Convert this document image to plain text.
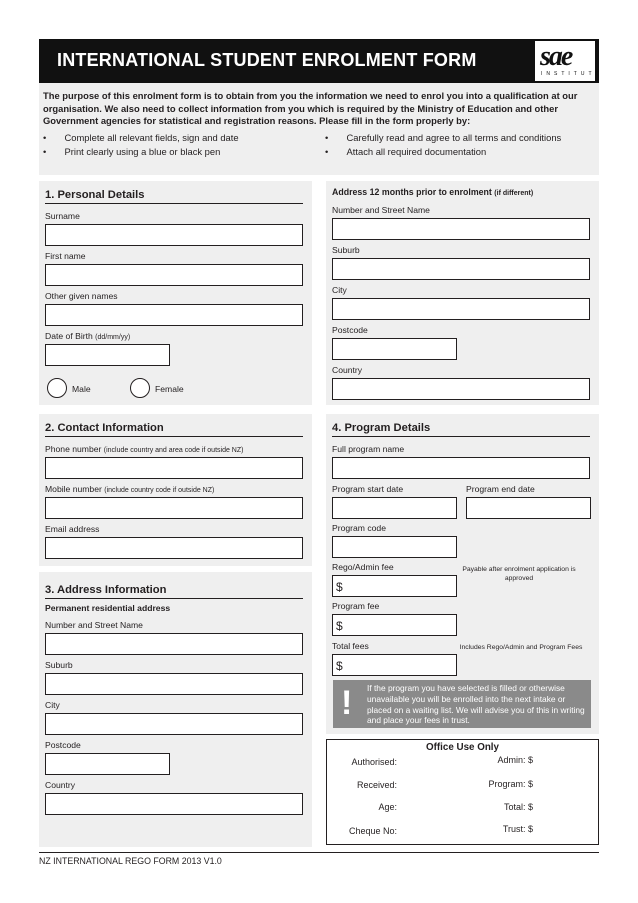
INTERNATIONAL STUDENT ENROLMENT FORM sae
INSTITUTE
The purpose of this enrolment form is to obtain from you the information we need to enrol you into a qualification at our organisation. We also need to collect information from you which is required by the Ministry of Education and other Government agencies for statistical and registration reasons. Please fill in the form properly by:
•       Complete all relevant fields, sign and date
•       Print clearly using a blue or black pen
•       Carefully read and agree to all terms and conditions
•       Attach all required documentation
1. Personal Details
Surname
First name
Other given names
Date of Birth (dd/mm/yy)
Male	Female
Address 12 months prior to enrolment (if different)
Number and Street Name
Suburb
City
Postcode
Country
2. Contact Information
Phone number (include country and area code if outside NZ)
Mobile number (include country code if outside NZ)
Email address
3. Address Information
Permanent residential address
Number and Street Name
Suburb
City
Postcode
Country
4. Program Details
Full program name
Program start date	Program end date
Program code
Rego/Admin fee
$
Payable after enrolment application is approved
Program fee
$
Total fees
$
Includes Rego/Admin and Program Fees
! If the program you have selected is filled or otherwise unavailable you will be enrolled into the next intake or placed on a waiting list. We will advise you of this in writing and place your fees in trust.
Office Use Only
Authorised:
Received:
Age:
Cheque No:
Admin: $
Program: $
Total: $
Trust: $
NZ INTERNATIONAL REGO FORM 2013 V1.0
